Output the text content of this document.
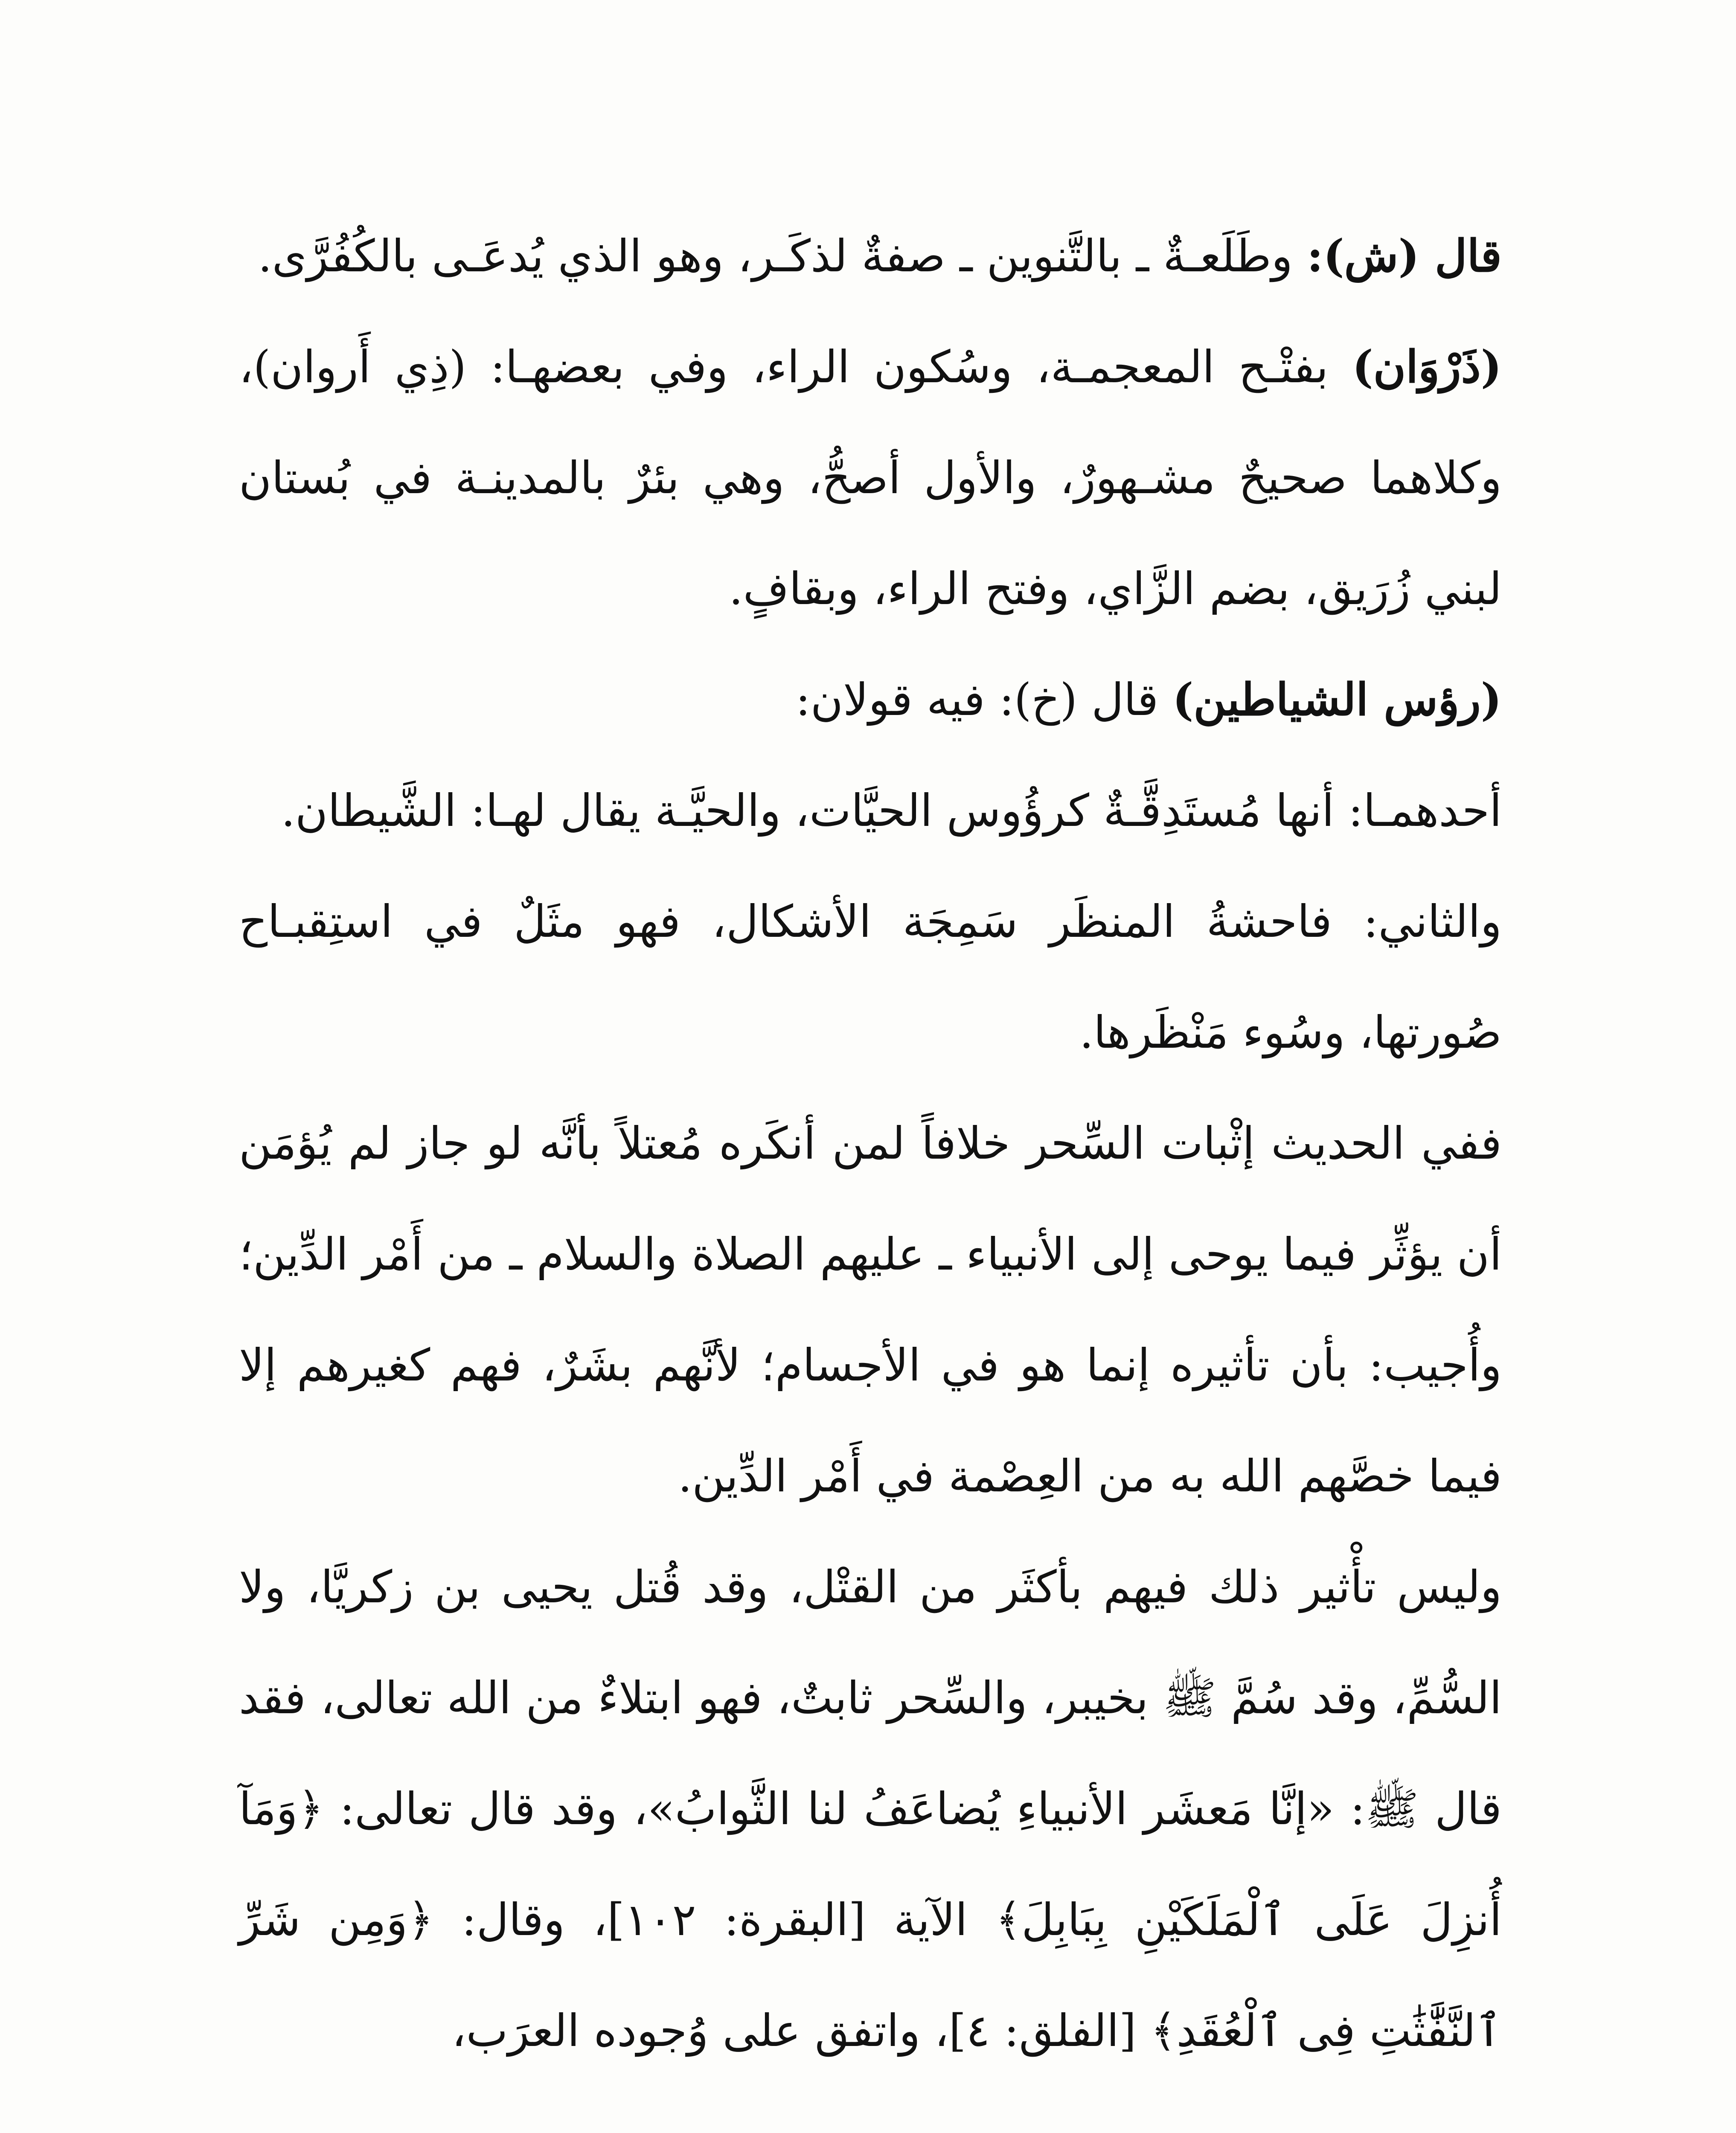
قال (ش): وطَلَعـةٌ ـ بالتَّنوين ـ صفةٌ لذكَـر، وهو الذي يُدعَـى بالكُفُرَّى.

(ذَرْوَان) بفتْـح المعجمـة، وسُكون الراء، وفي بعضهـا: (ذِي أَروان)، وكلاهما صحيحٌ مشـهورٌ، والأول أصحُّ، وهي بئرٌ بالمدينـة في بُستان لبني زُرَيق، بضم الزَّاي، وفتح الراء، وبقافٍ.

(رؤس الشياطين) قال (خ): فيه قولان:

أحدهمـا: أنها مُستَدِقَّـةٌ كرؤُوس الحيَّات، والحيَّـة يقال لهـا: الشَّيطان.

والثاني: فاحشةُ المنظَر سَمِجَة الأشكال، فهو مثَلٌ في استِقبـاح صُورتها، وسُوء مَنْظَرها.

ففي الحديث إثْبات السِّحر خلافاً لمن أنكَره مُعتلاً بأنَّه لو جاز لم يُؤمَن أن يؤثِّر فيما يوحى إلى الأنبياء ـ عليهم الصلاة والسلام ـ من أَمْر الدِّين؛ وأُجيب: بأن تأثيره إنما هو في الأجسام؛ لأنَّهم بشَرٌ، فهم كغيرهم إلا فيما خصَّهم الله به من العِصْمة في أَمْر الدِّين.

وليس تأْثير ذلك فيهم بأكثَر من القتْل، وقد قُتل يحيى بن زكريَّا، ولا السُّمِّ، وقد سُمَّ ﷺ بخيبر، والسِّحر ثابتٌ، فهو ابتلاءٌ من الله تعالى، فقد قال ﷺ: «إنَّا مَعشَر الأنبياءِ يُضاعَفُ لنا الثَّوابُ»، وقد قال تعالى: ﴿وَمَآ أُنزِلَ عَلَى ٱلْمَلَكَيْنِ بِبَابِلَ﴾ الآية [البقرة: ١٠٢]، وقال: ﴿وَمِن شَرِّ ٱلنَّفَّٰثَٰتِ فِى ٱلْعُقَدِ﴾ [الفلق: ٤]، واتفق على وُجوده العرَب،
